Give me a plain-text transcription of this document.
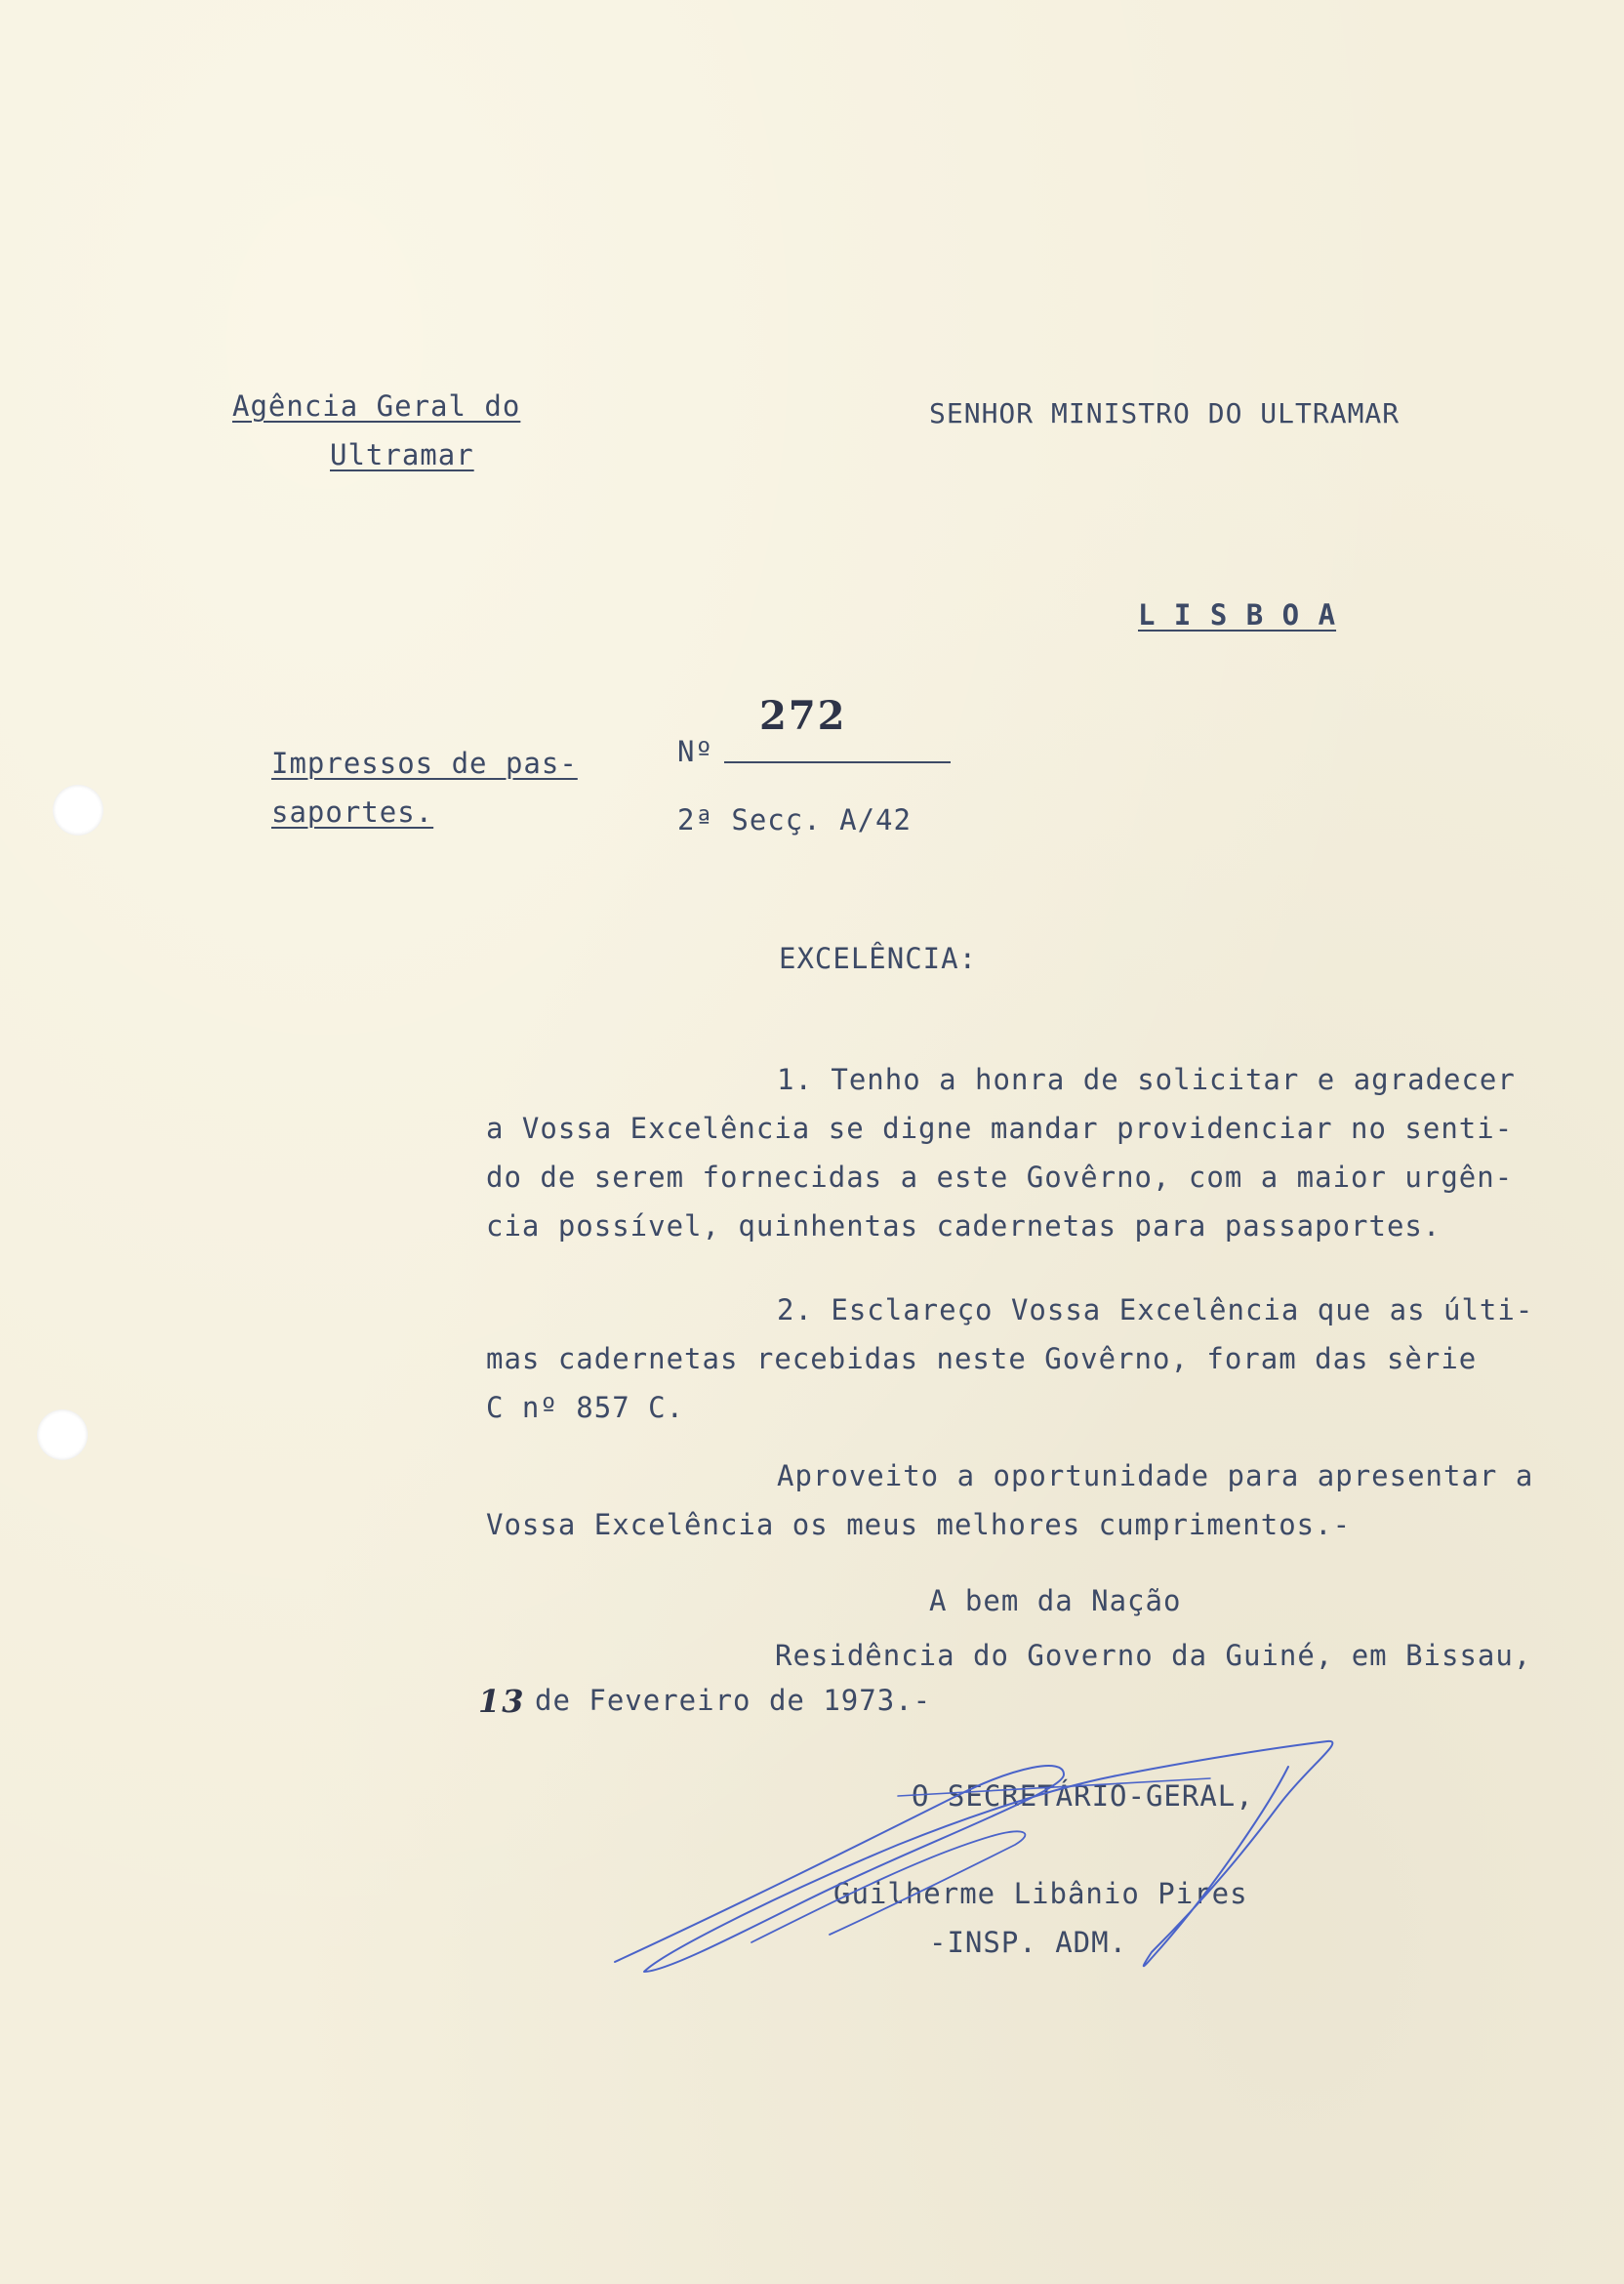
Agência Geral do
Ultramar
SENHOR MINISTRO DO ULTRAMAR
L I S B O A
Impressos de pas-
saportes.
Nº
272
2ª Secç. A/42
EXCELÊNCIA:
1. Tenho a honra de solicitar e agradecer
a Vossa Excelência se digne mandar providenciar no senti-
do de serem fornecidas a este Govêrno, com a maior urgên-
cia possível, quinhentas cadernetas para passaportes.
2. Esclareço Vossa Excelência que as últi-
mas cadernetas recebidas neste Govêrno, foram das sèrie
C nº 857 C.
Aproveito a oportunidade para apresentar a
Vossa Excelência os meus melhores cumprimentos.-
A bem da Nação
Residência do Governo da Guiné, em Bissau,
13 de Fevereiro de 1973.-
O SECRETÁRIO-GERAL,
Guilherme Libânio Pires
-INSP. ADM.
